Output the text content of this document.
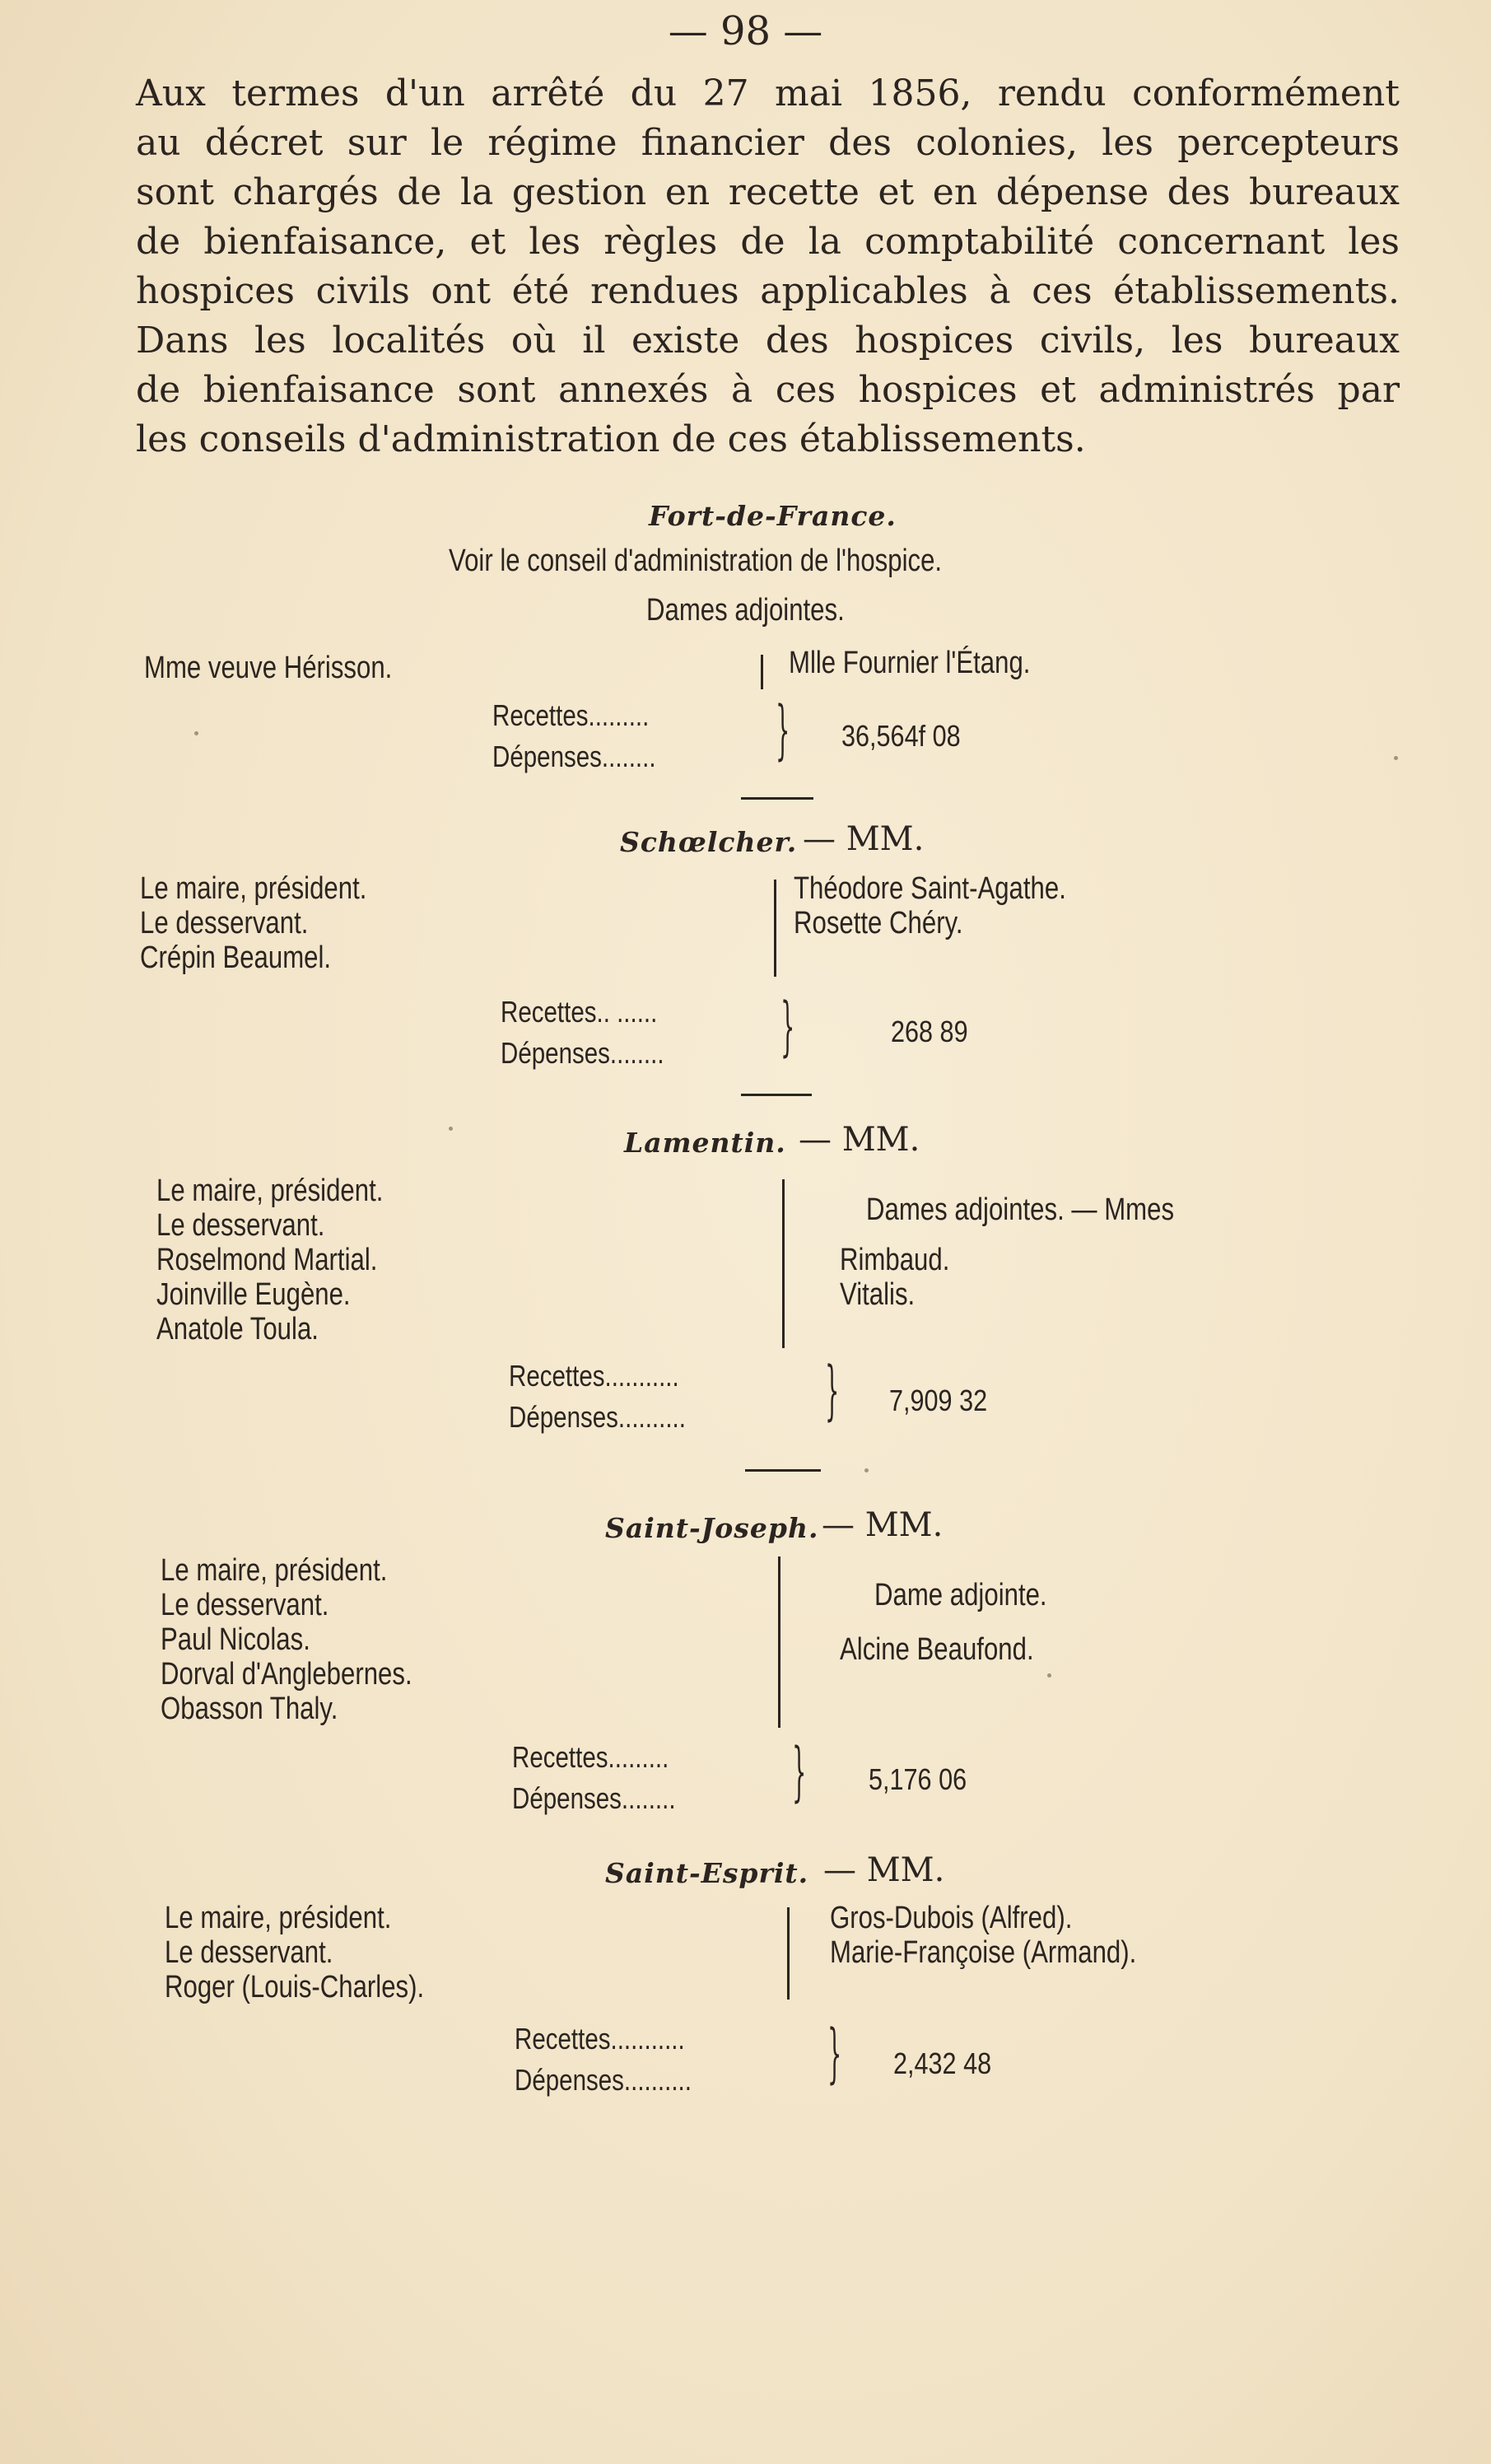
— 98 —
Aux termes d'un arrêté du 27 mai 1856, rendu conformément
au décret sur le régime financier des colonies, les percepteurs
sont chargés de la gestion en recette et en dépense des bureaux
de bienfaisance, et les règles de la comptabilité concernant les
hospices civils ont été rendues applicables à ces établissements.
Dans les localités où il existe des hospices civils, les bureaux
de bienfaisance sont annexés à ces hospices et administrés par
les conseils d'administration de ces établissements.
Fort-de-France.
Voir le conseil d'administration de l'hospice.
Dames adjointes.
Mme veuve Hérisson.	Mlle Fournier l'Étang.
Recettes.........
Dépenses........ } 36,564f 08
Schœlcher. — MM.
Le maire, président.
Le desservant.
Crépin Beaumel.
Théodore Saint-Agathe.
Rosette Chéry.
Recettes.. ......
Dépenses........ }	268 89
Lamentin. — MM.
Le maire, président.
Le desservant.
Roselmond Martial.
Joinville Eugène.
Anatole Toula.
Dames adjointes. — Mmes
Rimbaud.
Vitalis.
Recettes...........
Dépenses.......... } 7,909 32
Saint-Joseph. — MM.
Le maire, président.
Le desservant.
Paul Nicolas.
Dorval d'Anglebernes.
Obasson Thaly.
Dame adjointe.
Alcine Beaufond.
Recettes.........
Dépenses........ } 5,176 06
Saint-Esprit. — MM.
Le maire, président.
Le desservant.
Roger (Louis-Charles).
Gros-Dubois (Alfred).
Marie-Françoise (Armand).
Recettes...........
Dépenses.......... } 2,432 48
